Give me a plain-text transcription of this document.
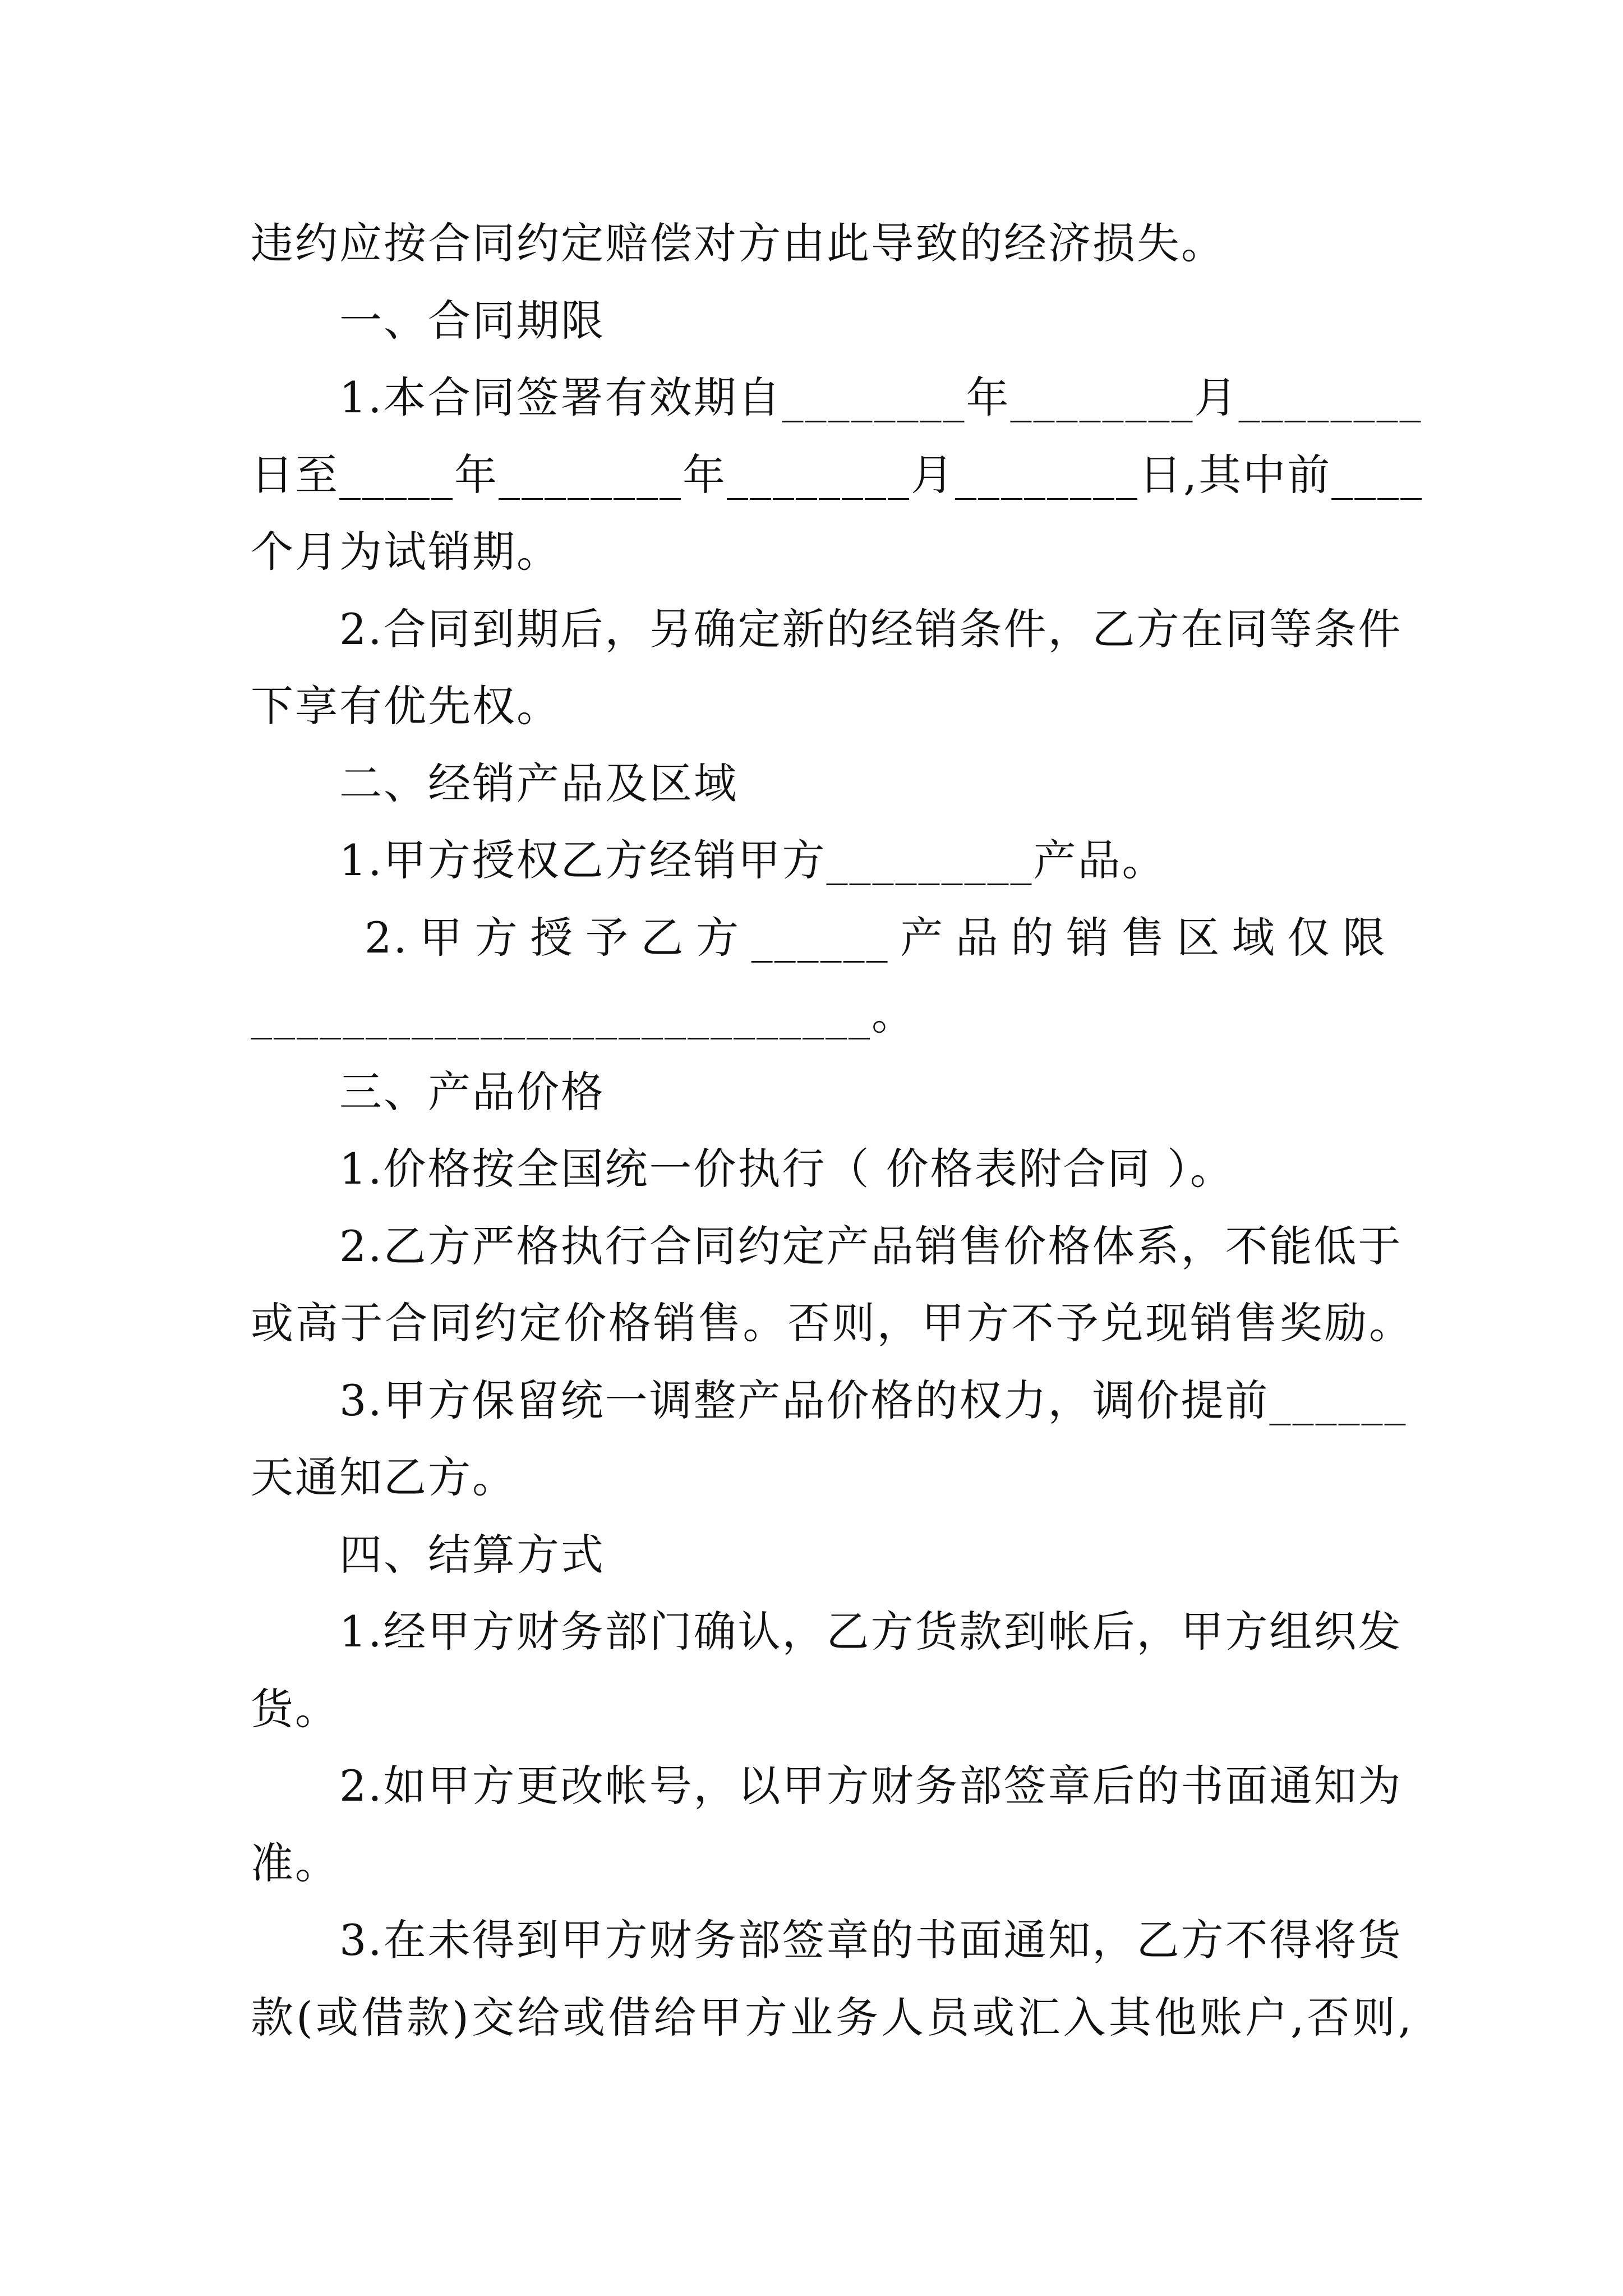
违约应按合同约定赔偿对方由此导致的经济损失。
一、合同期限
1.本合同签署有效期自________年________月________
日至_____年________年________月________日,其中前____
个月为试销期。
2.合同到期后，另确定新的经销条件，乙方在同等条件
下享有优先权。
二、经销产品及区域
1.甲方授权乙方经销甲方_________产品。
2.甲方授予乙方______产品的销售区域仅限
___________________________。
三、产品价格
1.价格按全国统一价执行（ 价格表附合同 ）。
2.乙方严格执行合同约定产品销售价格体系，不能低于
或高于合同约定价格销售。否则，甲方不予兑现销售奖励。
3.甲方保留统一调整产品价格的权力，调价提前______
天通知乙方。
四、结算方式
1.经甲方财务部门确认，乙方货款到帐后，甲方组织发
货。
2.如甲方更改帐号，以甲方财务部签章后的书面通知为
准。
3.在未得到甲方财务部签章的书面通知，乙方不得将货
款(或借款)交给或借给甲方业务人员或汇入其他账户,否则,
